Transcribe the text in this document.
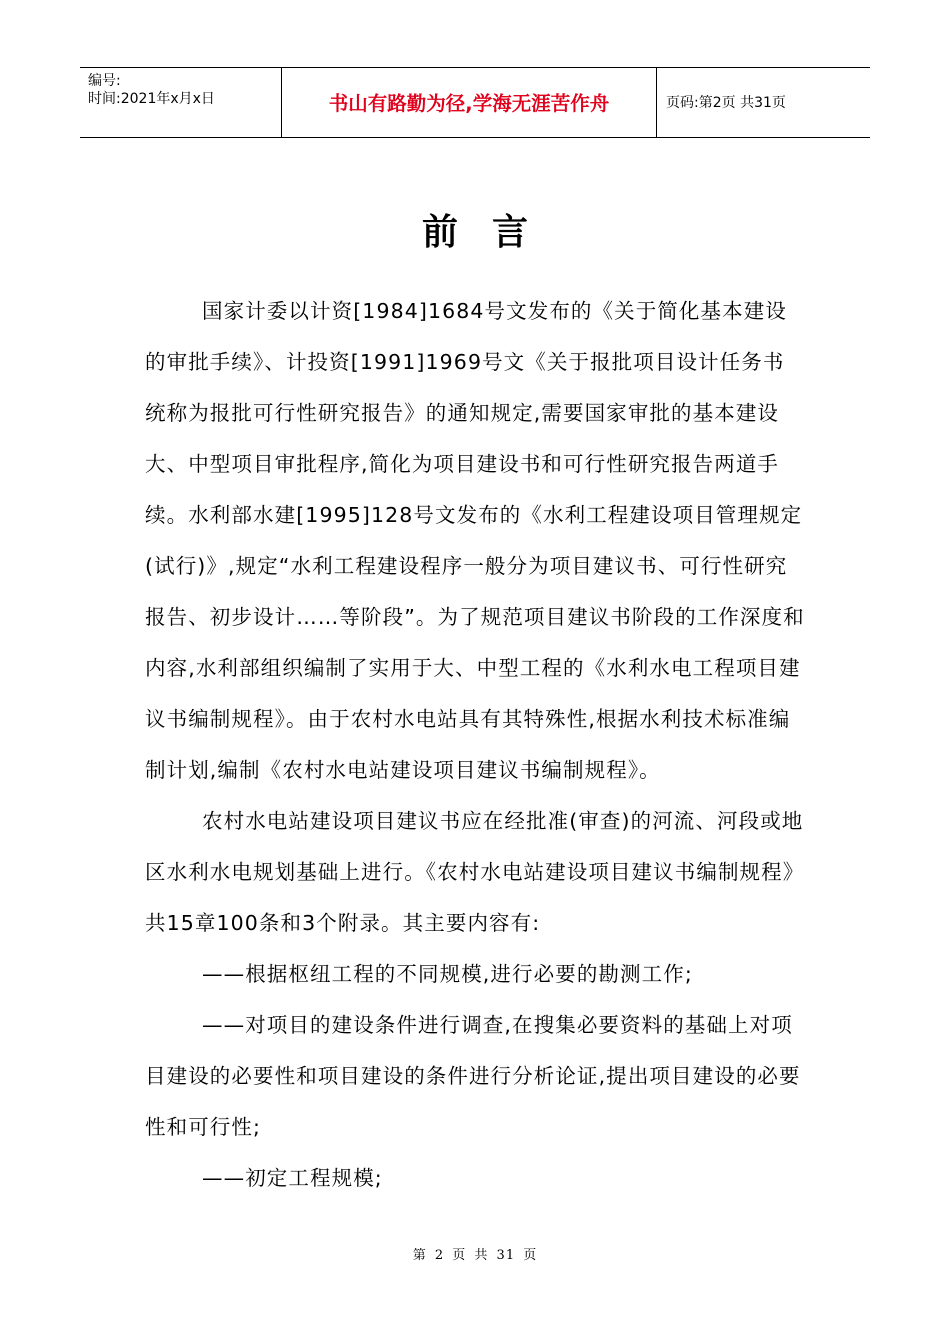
编号:
时间:2021年x月x日	书山有路勤为径,学海无涯苦作舟	页码:第2页 共31页
前言

国家计委以计资[1984]1684号文发布的《关于简化基本建设的审批手续》、计投资[1991]1969号文《关于报批项目设计任务书统称为报批可行性研究报告》的通知规定,需要国家审批的基本建设大、中型项目审批程序,简化为项目建设书和可行性研究报告两道手续。水利部水建[1995]128号文发布的《水利工程建设项目管理规定(试行)》,规定“水利工程建设程序一般分为项目建议书、可行性研究报告、初步设计……等阶段”。为了规范项目建议书阶段的工作深度和内容,水利部组织编制了实用于大、中型工程的《水利水电工程项目建议书编制规程》。由于农村水电站具有其特殊性,根据水利技术标准编制计划,编制《农村水电站建设项目建议书编制规程》。

农村水电站建设项目建议书应在经批准(审查)的河流、河段或地区水利水电规划基础上进行。《农村水电站建设项目建议书编制规程》共15章100条和3个附录。其主要内容有:

——根据枢纽工程的不同规模,进行必要的勘测工作;

——对项目的建设条件进行调查,在搜集必要资料的基础上对项目建设的必要性和项目建设的条件进行分析论证,提出项目建设的必要性和可行性;

——初定工程规模;

第 2 页 共 31 页
